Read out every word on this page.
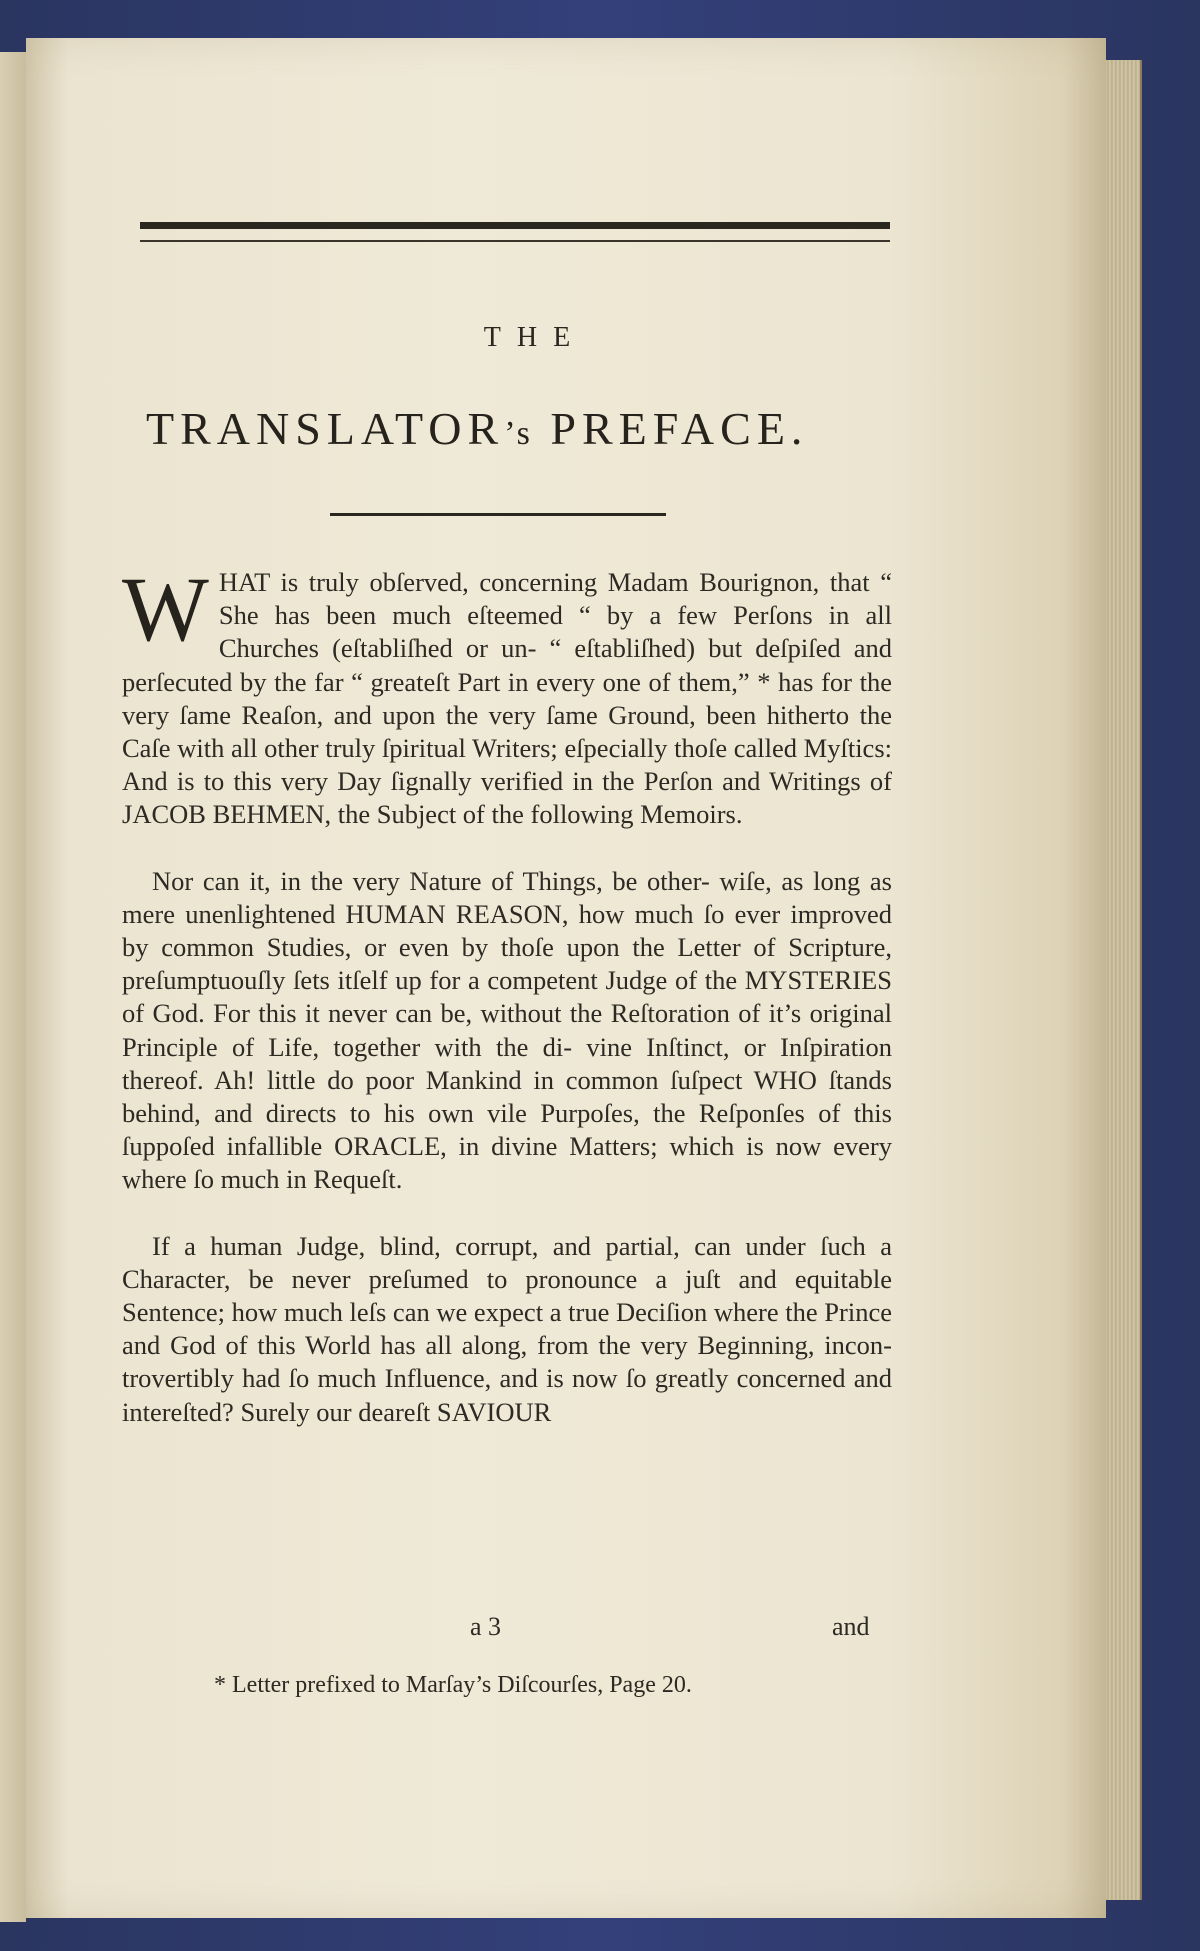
THE
TRANSLATOR’s PREFACE.

WHAT is truly obſerved, concerning Madam Bourignon, that “ She has been much eſteemed “ by a few Perſons in all Churches (eſtabliſhed or un- “ eſtabliſhed) but deſpiſed and perſecuted by the far “ greateſt Part in every one of them,” * has for the very ſame Reaſon, and upon the very ſame Ground, been hitherto the Caſe with all other truly ſpiritual Writers; eſpecially thoſe called Myſtics: And is to this very Day ſignally verified in the Perſon and Writings of JACOB BEHMEN, the Subject of the following Memoirs.

Nor can it, in the very Nature of Things, be other- wiſe, as long as mere unenlightened HUMAN REASON, how much ſo ever improved by common Studies, or even by thoſe upon the Letter of Scripture, preſumptuouſly ſets itſelf up for a competent Judge of the MYSTERIES of God. For this it never can be, without the Reſtoration of it’s original Principle of Life, together with the di- vine Inſtinct, or Inſpiration thereof. Ah! little do poor Mankind in common ſuſpect WHO ſtands behind, and directs to his own vile Purpoſes, the Reſponſes of this ſuppoſed infallible ORACLE, in divine Matters; which is now every where ſo much in Requeſt.

If a human Judge, blind, corrupt, and partial, can under ſuch a Character, be never preſumed to pronounce a juſt and equitable Sentence; how much leſs can we expect a true Deciſion where the Prince and God of this World has all along, from the very Beginning, incon- trovertibly had ſo much Influence, and is now ſo greatly concerned and intereſted? Surely our deareſt SAVIOUR

a 3	and
* Letter prefixed to Marſay’s Diſcourſes, Page 20.
